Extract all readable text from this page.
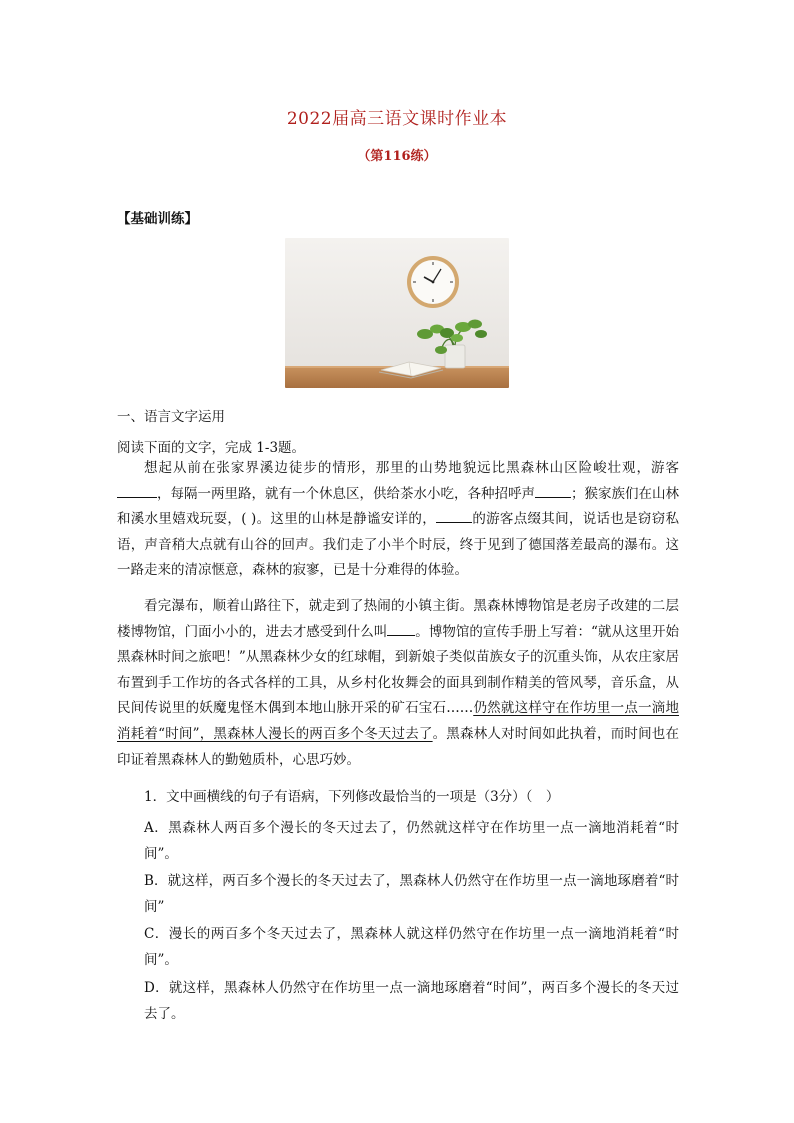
2022届高三语文课时作业本
（第116练）
【基础训练】
一、语言文字运用
阅读下面的文字，完成 1-3题。

想起从前在张家界溪边徒步的情形，那里的山势地貌远比黑森林山区险峻壮观，游客，每隔一两里路，就有一个休息区，供给茶水小吃，各种招呼声	；猴家族们在山林和溪水里嬉戏玩耍，( )。这里的山林是静谧安详的，	的游客点缀其间，说话也是窃窃私语，声音稍大点就有山谷的回声。我们走了小半个时辰，终于见到了德国落差最高的瀑布。这一路走来的清凉惬意，森林的寂寥，已是十分难得的体验。

看完瀑布，顺着山路往下，就走到了热闹的小镇主街。黑森林博物馆是老房子改建的二层楼博物馆，门面小小的，进去才感受到什么叫 。博物馆的宣传手册上写着：“就从这里开始黑森林时间之旅吧！”从黑森林少女的红球帽，到新娘子类似苗族女子的沉重头饰，从农庄家居布置到手工作坊的各式各样的工具，从乡村化妆舞会的面具到制作精美的管风琴，音乐盒，从民间传说里的妖魔鬼怪木偶到本地山脉开采的矿石宝石……仍然就这样守在作坊里一点一滴地消耗着“时间”，黑森林人漫长的两百多个冬天过去了。黑森林人对时间如此执着，而时间也在印证着黑森林人的勤勉质朴，心思巧妙。

1．文中画横线的句子有语病，下列修改最恰当的一项是（3分）（　）

A．黑森林人两百多个漫长的冬天过去了，仍然就这样守在作坊里一点一滴地消耗着“时间”。

B．就这样，两百多个漫长的冬天过去了，黑森林人仍然守在作坊里一点一滴地琢磨着“时间”

C．漫长的两百多个冬天过去了，黑森林人就这样仍然守在作坊里一点一滴地消耗着“时间”。

D．就这样，黑森林人仍然守在作坊里一点一滴地琢磨着“时间”，两百多个漫长的冬天过去了。
